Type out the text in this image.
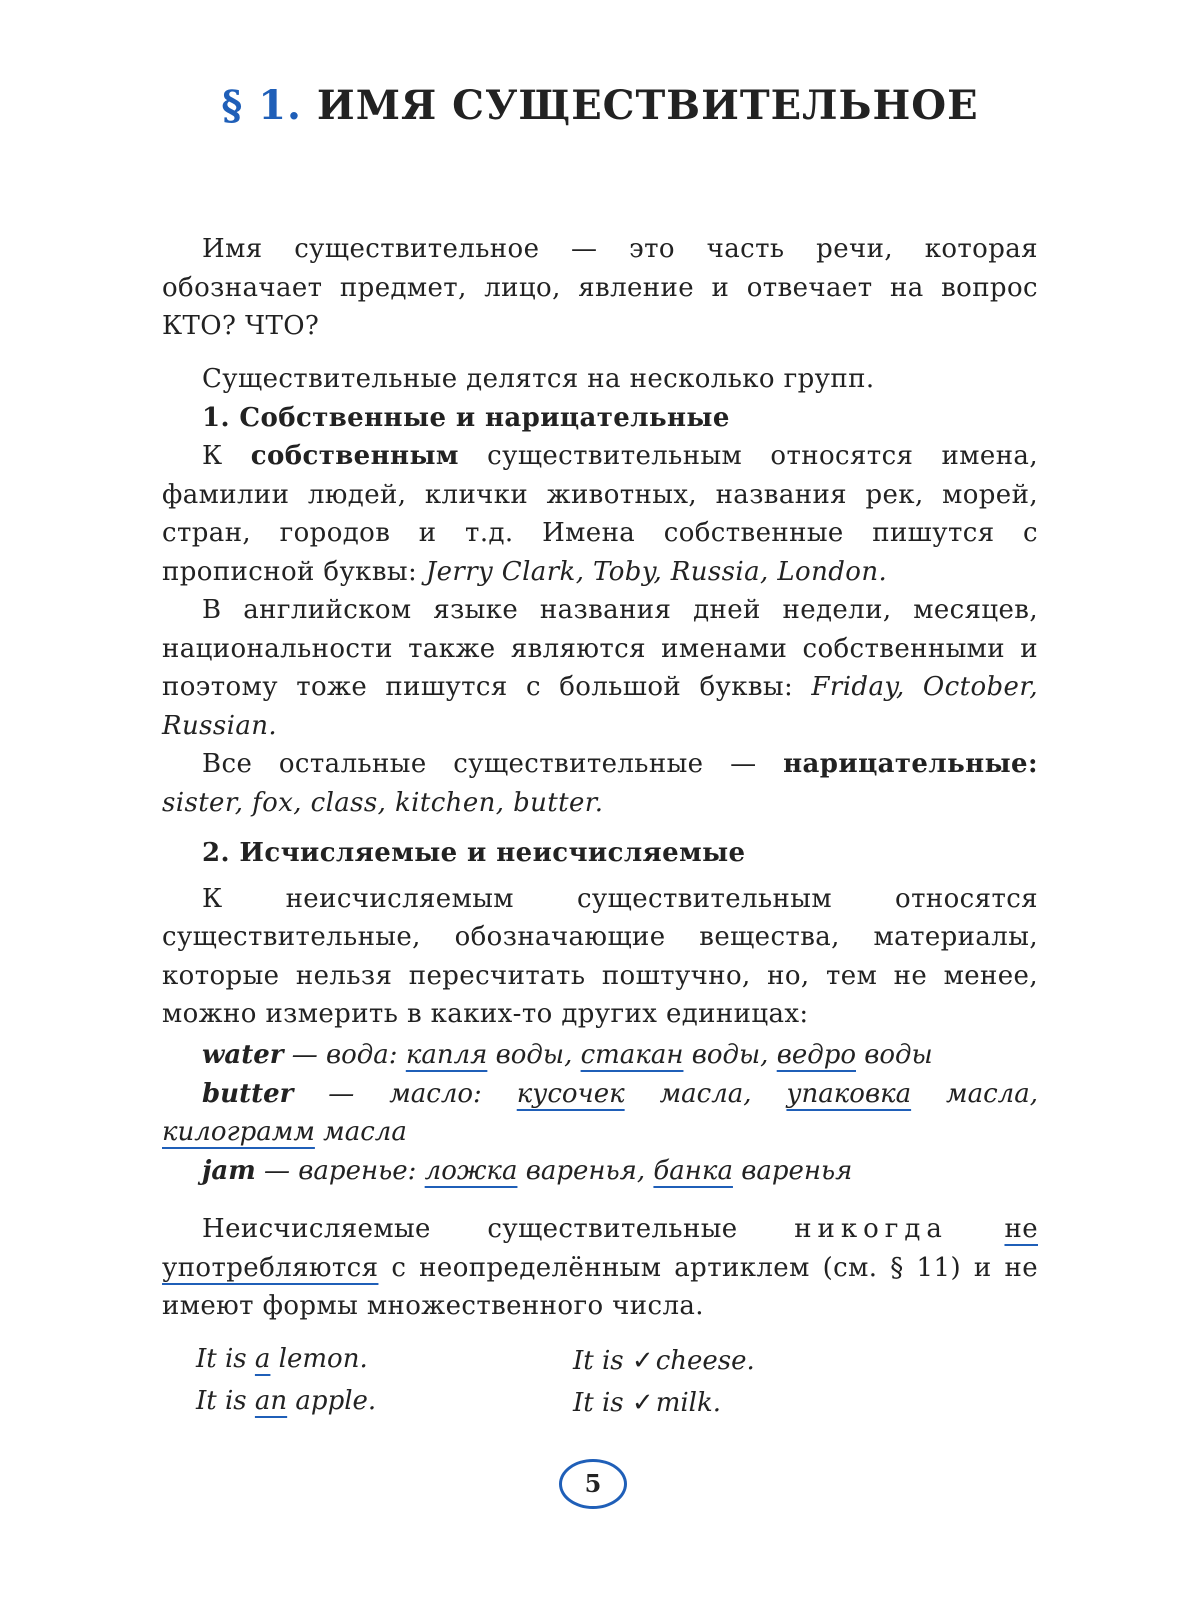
§ 1. ИМЯ СУЩЕСТВИТЕЛЬНОЕ

Имя существительное — это часть речи, которая обозначает предмет, лицо, явление и отвечает на вопрос КТО? ЧТО?

Существительные делятся на несколько групп.

1. Собственные и нарицательные

К собственным существительным относятся имена, фамилии людей, клички животных, названия рек, морей, стран, городов и т.д. Имена собственные пишутся с прописной буквы: Jerry Clark, Toby, Russia, London.

В английском языке названия дней недели, месяцев, национальности также являются именами собственными и поэтому тоже пишутся с большой буквы: Friday, October, Russian.

Все остальные существительные — нарицательные:

sister, fox, class, kitchen, butter.

2. Исчисляемые и неисчисляемые

К неисчисляемым существительным относятся существительные, обозначающие вещества, материалы, которые нельзя пересчитать поштучно, но, тем не менее, можно измерить в каких-то других единицах:

water — вода: капля воды, стакан воды, ведро воды
butter — масло: кусочек масла, упаковка масла,
килограмм масла
jam — варенье: ложка варенья, банка варенья

Неисчисляемые существительные никогда не употребляются с неопределённым артиклем (см. § 11) и не имеют формы множественного числа.

It is a lemon.
It is an apple.
It is ✓cheese.
It is ✓milk.
5
